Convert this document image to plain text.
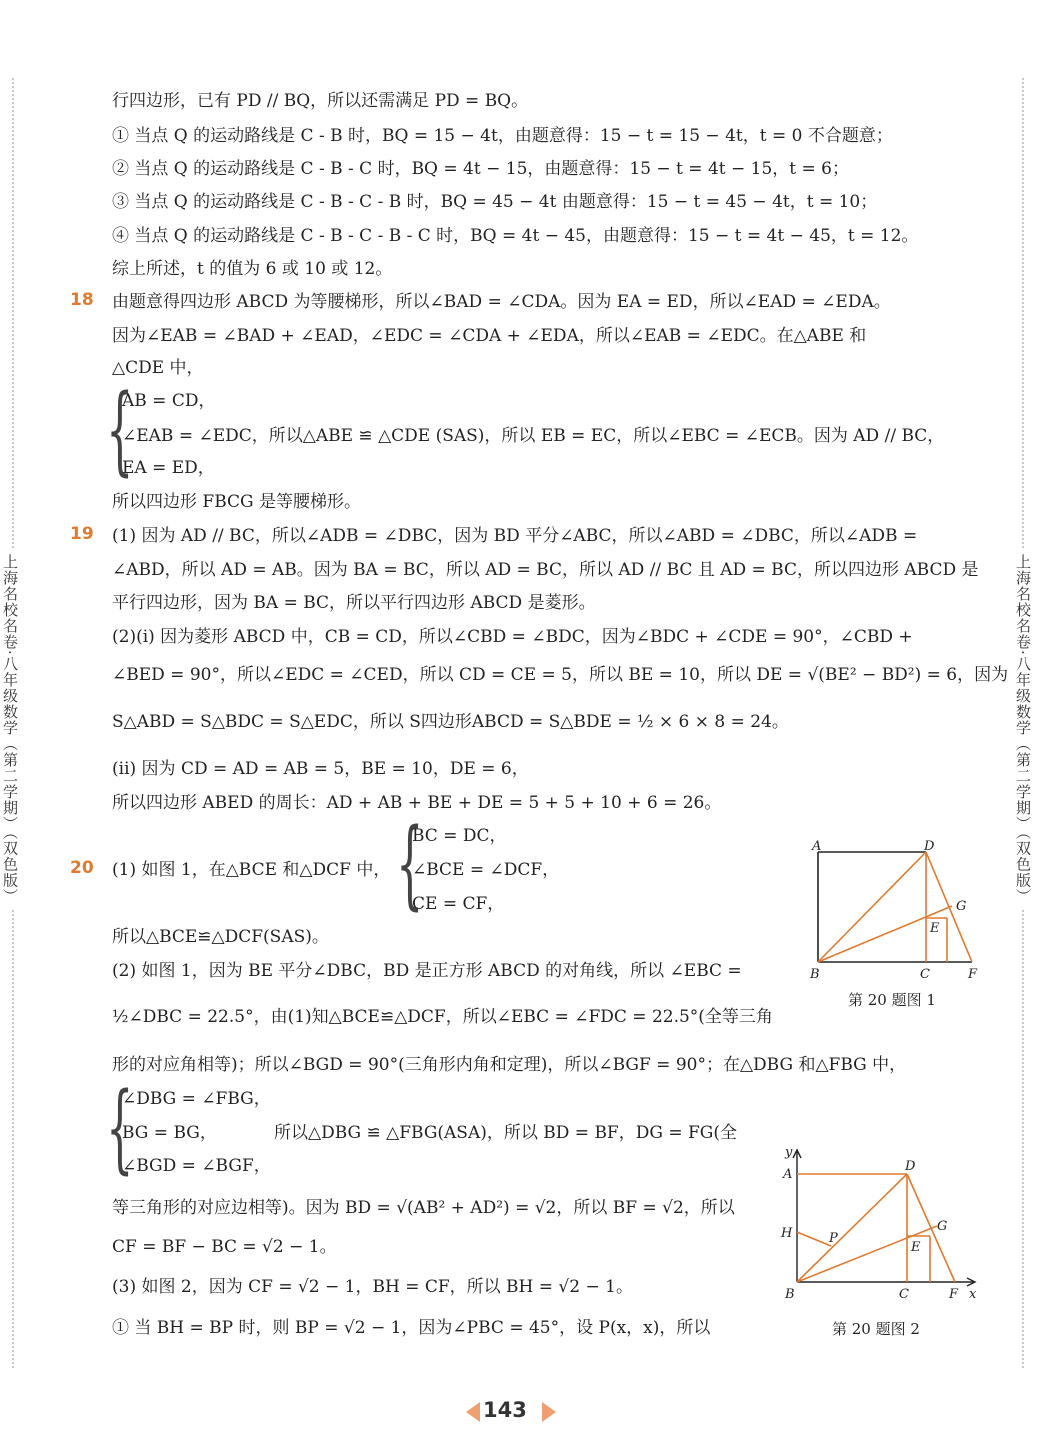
上海名校名卷·八年级数学（第二学期）（双色版）	上海名校名卷·八年级数学（第二学期）（双色版）
行四边形，已有 PD // BQ，所以还需满足 PD = BQ。
① 当点 Q 的运动路线是 C - B 时，BQ = 15 − 4t，由题意得：15 − t = 15 − 4t，t = 0 不合题意；
② 当点 Q 的运动路线是 C - B - C 时，BQ = 4t − 15，由题意得：15 − t = 4t − 15，t = 6；
③ 当点 Q 的运动路线是 C - B - C - B 时，BQ = 45 − 4t 由题意得：15 − t = 45 − 4t，t = 10；
④ 当点 Q 的运动路线是 C - B - C - B - C 时，BQ = 4t − 45，由题意得：15 − t = 4t − 45，t = 12。
综上所述，t 的值为 6 或 10 或 12。
18 由题意得四边形 ABCD 为等腰梯形，所以∠BAD = ∠CDA。因为 EA = ED，所以∠EAD = ∠EDA。
因为∠EAB = ∠BAD + ∠EAD，∠EDC = ∠CDA + ∠EDA，所以∠EAB = ∠EDC。在△ABE 和
△CDE 中，
{
AB = CD，
∠EAB = ∠EDC，所以△ABE ≌ △CDE (SAS)，所以 EB = EC，所以∠EBC = ∠ECB。因为 AD // BC，
EA = ED，
所以四边形 FBCG 是等腰梯形。
19 (1) 因为 AD // BC，所以∠ADB = ∠DBC，因为 BD 平分∠ABC，所以∠ABD = ∠DBC，所以∠ADB =
∠ABD，所以 AD = AB。因为 BA = BC，所以 AD = BC，所以 AD // BC 且 AD = BC，所以四边形 ABCD 是
平行四边形，因为 BA = BC，所以平行四边形 ABCD 是菱形。
(2)(i) 因为菱形 ABCD 中，CB = CD，所以∠CBD = ∠BDC，因为∠BDC + ∠CDE = 90°，∠CBD +
∠BED = 90°，所以∠EDC = ∠CED，所以 CD = CE = 5，所以 BE = 10，所以 DE = √(BE² − BD²) = 6，因为
S△ABD = S△BDC = S△EDC，所以 S四边形ABCD = S△BDE = ½ × 6 × 8 = 24。
(ii) 因为 CD = AD = AB = 5，BE = 10，DE = 6，
所以四边形 ABED 的周长：AD + AB + BE + DE = 5 + 5 + 10 + 6 = 26。
20 (1) 如图 1，在△BCE 和△DCF 中， {
BC = DC，
∠BCE = ∠DCF，
CE = CF，
所以△BCE≌△DCF(SAS)。
(2) 如图 1，因为 BE 平分∠DBC，BD 是正方形 ABCD 的对角线，所以 ∠EBC =
½∠DBC = 22.5°，由(1)知△BCE≌△DCF，所以∠EBC = ∠FDC = 22.5°(全等三角
形的对应角相等)；所以∠BGD = 90°(三角形内角和定理)，所以∠BGF = 90°；在△DBG 和△FBG 中，
{
∠DBG = ∠FBG，
BG = BG，
∠BGD = ∠BGF，
所以△DBG ≌ △FBG(ASA)，所以 BD = BF，DG = FG(全
等三角形的对应边相等)。因为 BD = √(AB² + AD²) = √2，所以 BF = √2，所以
CF = BF − BC = √2 − 1。
(3) 如图 2，因为 CF = √2 − 1，BH = CF，所以 BH = √2 − 1。
① 当 BH = BP 时，则 BP = √2 − 1，因为∠PBC = 45°，设 P(x，x)，所以
A	D
G
E
B	C	F
第 20 题图 1
y
A
D
G
H	P
E
B	C	F x
第 20 题图 2
143
